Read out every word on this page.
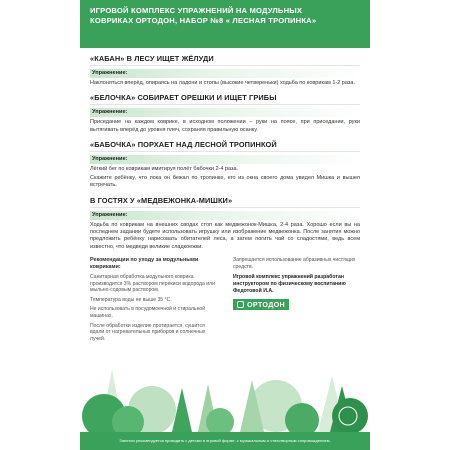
ИГРОВОЙ КОМПЛЕКС УПРАЖНЕНИЙ НА МОДУЛЬНЫХ
КОВРИКАХ ОРТОДОН, НАБОР №8 « ЛЕСНАЯ ТРОПИНКА»
«КАБАН» В ЛЕСУ ИЩЕТ ЖЁЛУДИ
Упражнение:
Наклоняться вперёд, опираясь на ладони и стопы (высокие четвереньки) ходьба по коврикам 1-2 раза.
«БЕЛОЧКА» СОБИРАЕТ ОРЕШКИ И ИЩЕТ ГРИБЫ
Упражнение:
Приседание на каждом коврике, в исходном положении – руки на поясе, при приседании, руки вытягивать вперёд до уровня плеч, сохраняя правильную осанку.
«БАБОЧКА» ПОРХАЕТ НАД ЛЕСНОЙ ТРОПИНКОЙ
Упражнение:
Лёгкий бег по коврикам имитируя полёт бабочки 2-4 раза.
Скажите ребёнку, что пока он бежал по тропинке, его из окна своего дома увидел Мишка и вышел встречать.
В ГОСТЯХ У «МЕДВЕЖОНКА-МИШКИ»
Упражнение:
Ходьба по коврикам на внешних сводах стоп как медвежонок-Мишка, 2-4 раза. Хорошо если вы на последнем задании будете использовать игрушку или изображение медвежонка. После занятия можно предложить ребёнку нарисовать обитателей леса, а затем погить чай со сладостями, ведь всем известно, что медведи великие сладкоежки.
Рекомендации по уходу за модульными ковриками:
Санитарная обработка модульного коврика производится 3% раствором перекиси водорода или мыльно-содовым раствором.
Температура воды не выше 35 °С.
Не использовать в посудомоечной и стиральной машинах.
После обработки изделие протирается, сушится вдали от нагревательных приборов и солнечных лучей.
Запрещается использование абразивных чистящих средств.
Игровой комплекс упражнений разработан инструктором по физическому воспитанию Федотовой И.А.
ОРТОДОН
Занятия рекомендуется проводить с детьми в игровой форме, с музыкальным и стихотворным сопровождением.
